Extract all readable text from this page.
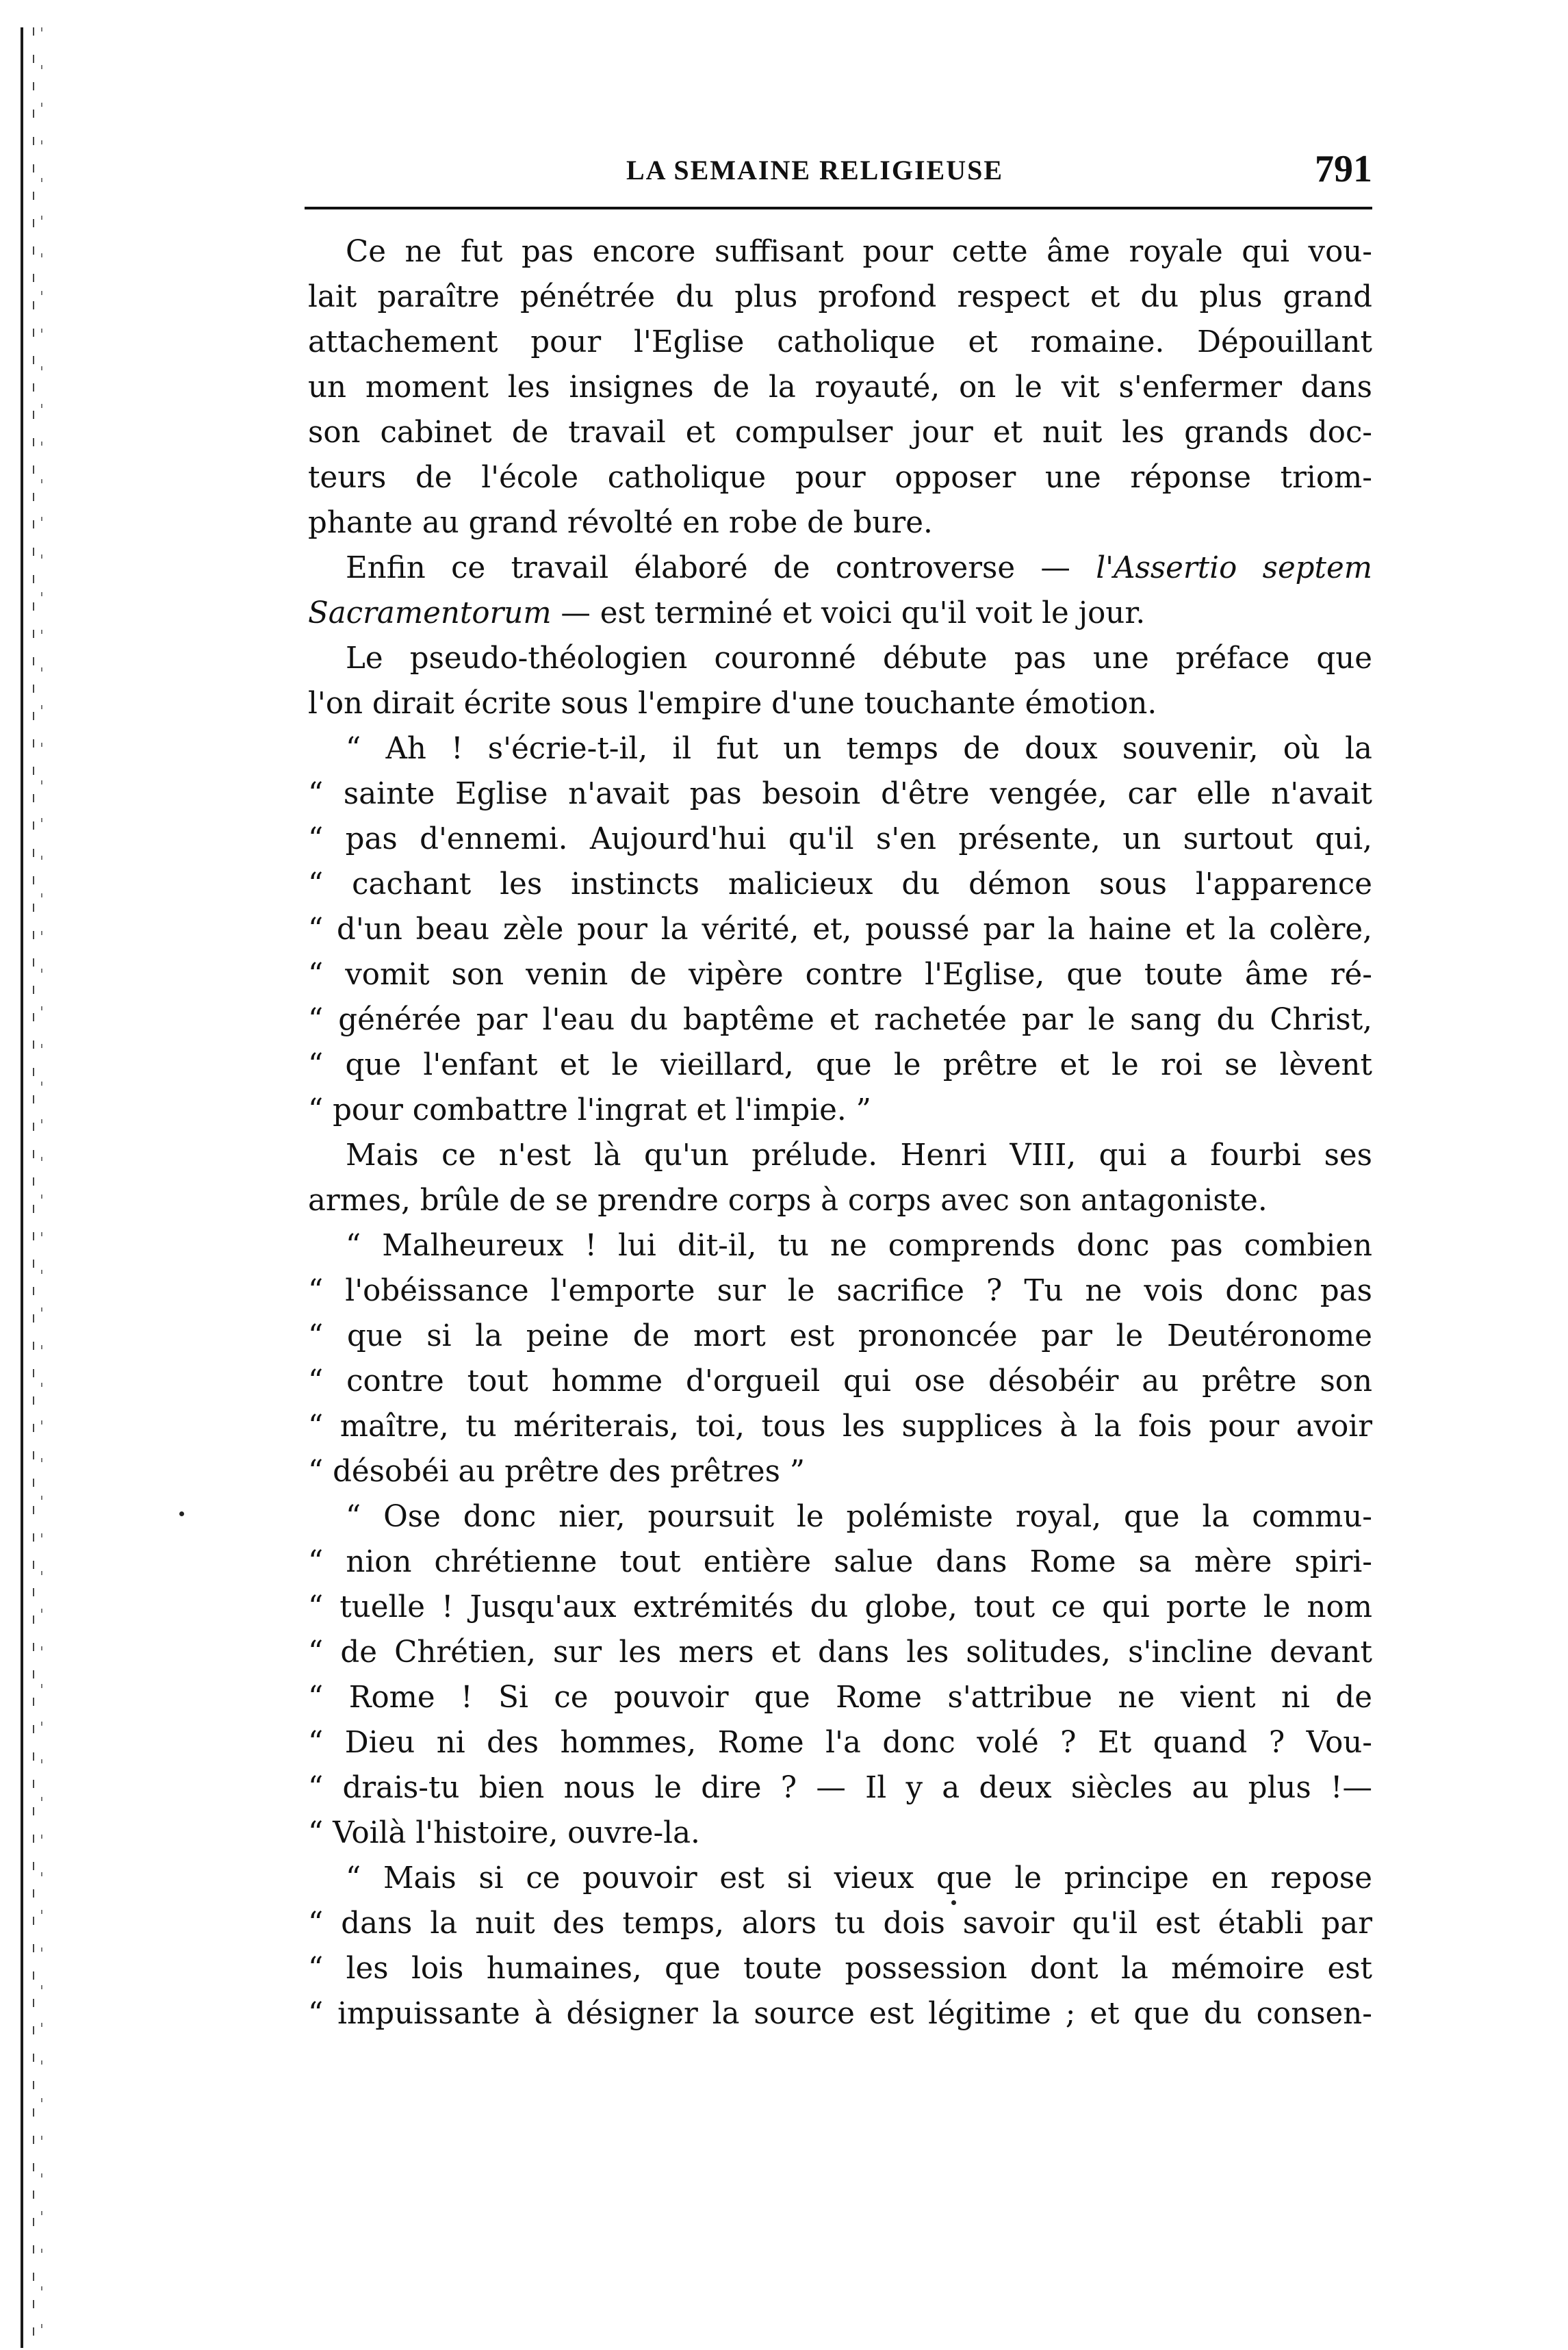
LA SEMAINE RELIGIEUSE	791
Ce ne fut pas encore suffisant pour cette âme royale qui vou-
lait paraître pénétrée du plus profond respect et du plus grand
attachement pour l'Eglise catholique et romaine. Dépouillant
un moment les insignes de la royauté, on le vit s'enfermer dans
son cabinet de travail et compulser jour et nuit les grands doc-
teurs de l'école catholique pour opposer une réponse triom-
phante au grand révolté en robe de bure.
Enfin ce travail élaboré de controverse — l'Assertio septem
Sacramentorum — est terminé et voici qu'il voit le jour.
Le pseudo-théologien couronné débute pas une préface que
l'on dirait écrite sous l'empire d'une touchante émotion.
“ Ah ! s'écrie-t-il, il fut un temps de doux souvenir, où la
“ sainte Eglise n'avait pas besoin d'être vengée, car elle n'avait
“ pas d'ennemi. Aujourd'hui qu'il s'en présente, un surtout qui,
“ cachant les instincts malicieux du démon sous l'apparence
“ d'un beau zèle pour la vérité, et, poussé par la haine et la colère,
“ vomit son venin de vipère contre l'Eglise, que toute âme ré-
“ générée par l'eau du baptême et rachetée par le sang du Christ,
“ que l'enfant et le vieillard, que le prêtre et le roi se lèvent
“ pour combattre l'ingrat et l'impie. ”
Mais ce n'est là qu'un prélude. Henri VIII, qui a fourbi ses
armes, brûle de se prendre corps à corps avec son antagoniste.
“ Malheureux ! lui dit-il, tu ne comprends donc pas combien
“ l'obéissance l'emporte sur le sacrifice ? Tu ne vois donc pas
“ que si la peine de mort est prononcée par le Deutéronome
“ contre tout homme d'orgueil qui ose désobéir au prêtre son
“ maître, tu mériterais, toi, tous les supplices à la fois pour avoir
“ désobéi au prêtre des prêtres ”
“ Ose donc nier, poursuit le polémiste royal, que la commu-
“ nion chrétienne tout entière salue dans Rome sa mère spiri-
“ tuelle ! Jusqu'aux extrémités du globe, tout ce qui porte le nom
“ de Chrétien, sur les mers et dans les solitudes, s'incline devant
“ Rome ! Si ce pouvoir que Rome s'attribue ne vient ni de
“ Dieu ni des hommes, Rome l'a donc volé ? Et quand ? Vou-
“ drais-tu bien nous le dire ? — Il y a deux siècles au plus !—
“ Voilà l'histoire, ouvre-la.
“ Mais si ce pouvoir est si vieux que le principe en repose
“ dans la nuit des temps, alors tu dois savoir qu'il est établi par
“ les lois humaines, que toute possession dont la mémoire est
“ impuissante à désigner la source est légitime ; et que du consen-
